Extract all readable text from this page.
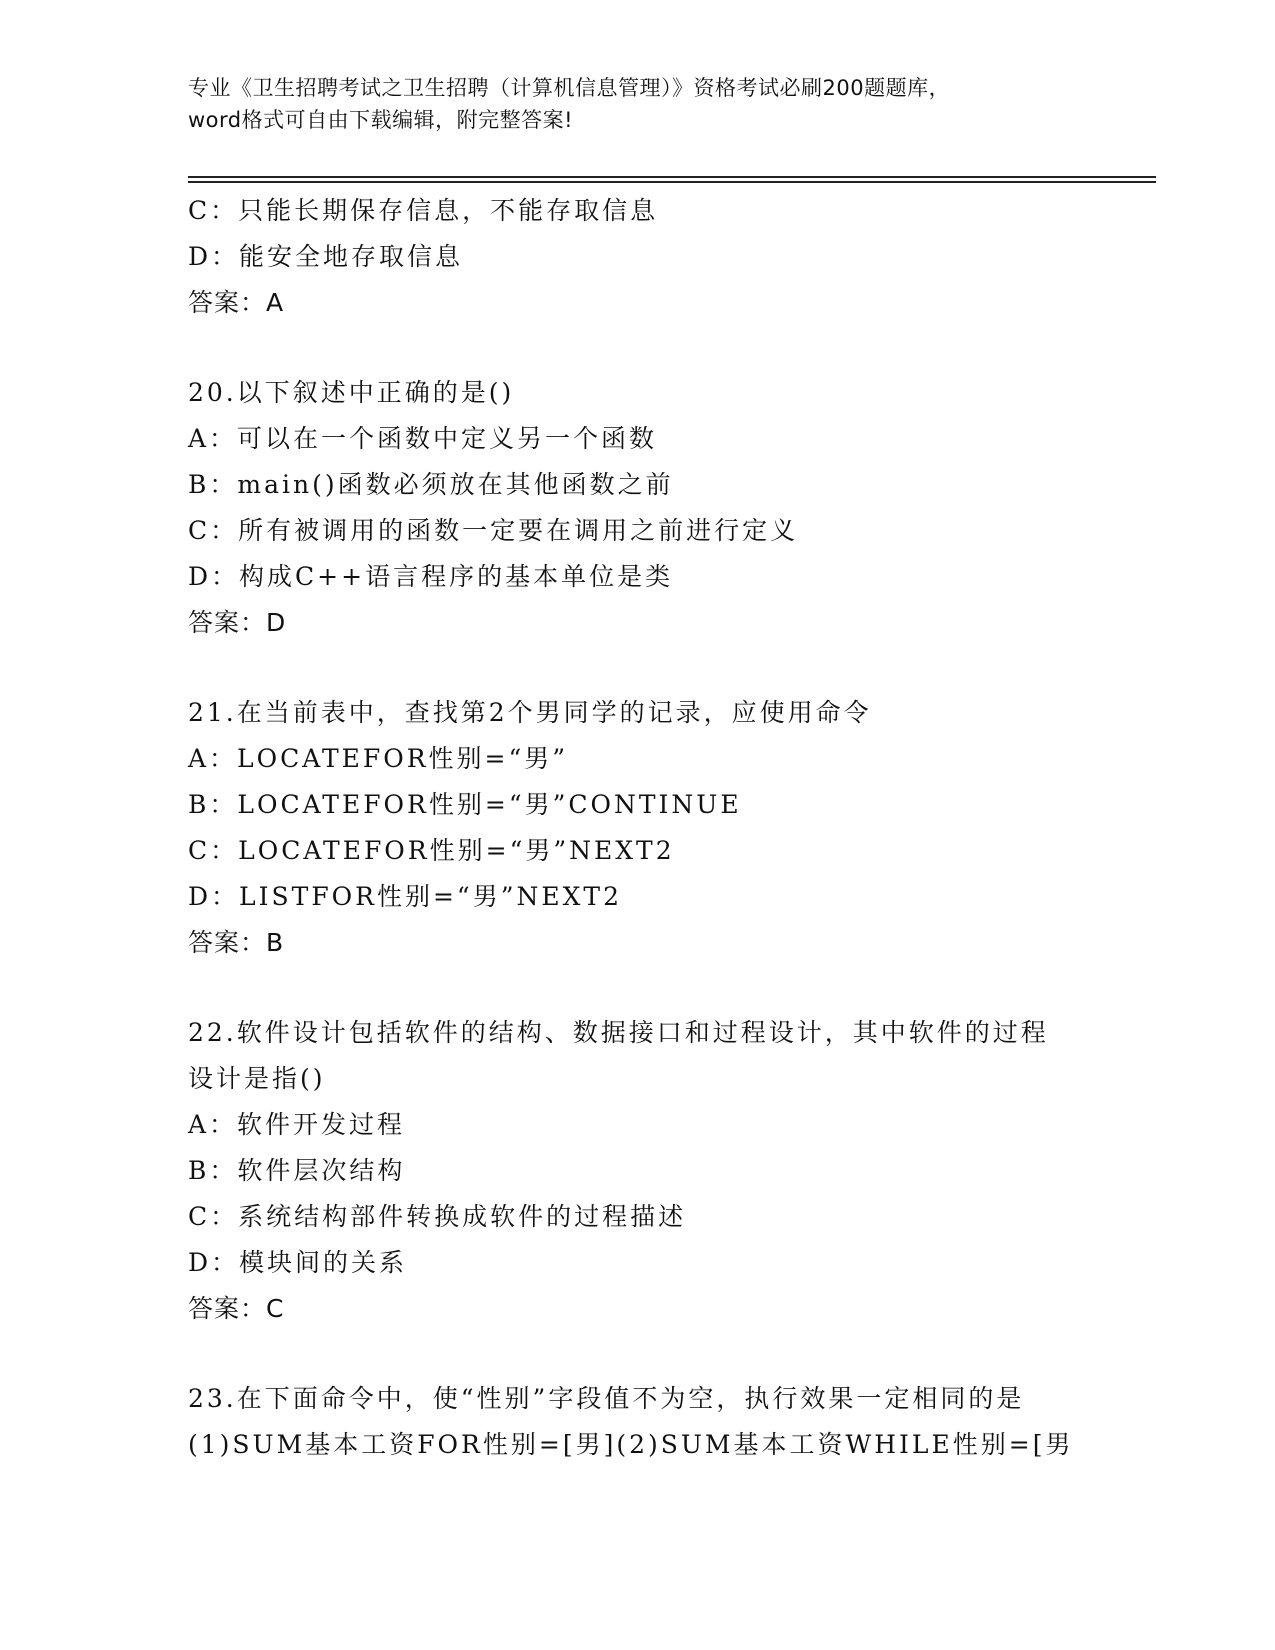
专业《卫生招聘考试之卫生招聘（计算机信息管理）》资格考试必刷200题题库，
word格式可自由下载编辑，附完整答案!
C：只能长期保存信息，不能存取信息
D：能安全地存取信息
答案：A
20.以下叙述中正确的是()
A：可以在一个函数中定义另一个函数
B：main()函数必须放在其他函数之前
C：所有被调用的函数一定要在调用之前进行定义
D：构成C++语言程序的基本单位是类
答案：D
21.在当前表中，查找第2个男同学的记录，应使用命令
A：LOCATEFOR性别=“男”
B：LOCATEFOR性别=“男”CONTINUE
C：LOCATEFOR性别=“男”NEXT2
D：LISTFOR性别=“男”NEXT2
答案：B
22.软件设计包括软件的结构、数据接口和过程设计，其中软件的过程
设计是指()
A：软件开发过程
B：软件层次结构
C：系统结构部件转换成软件的过程描述
D：模块间的关系
答案：C
23.在下面命令中，使“性别”字段值不为空，执行效果一定相同的是
(1)SUM基本工资FOR性别=[男](2)SUM基本工资WHILE性别=[男
